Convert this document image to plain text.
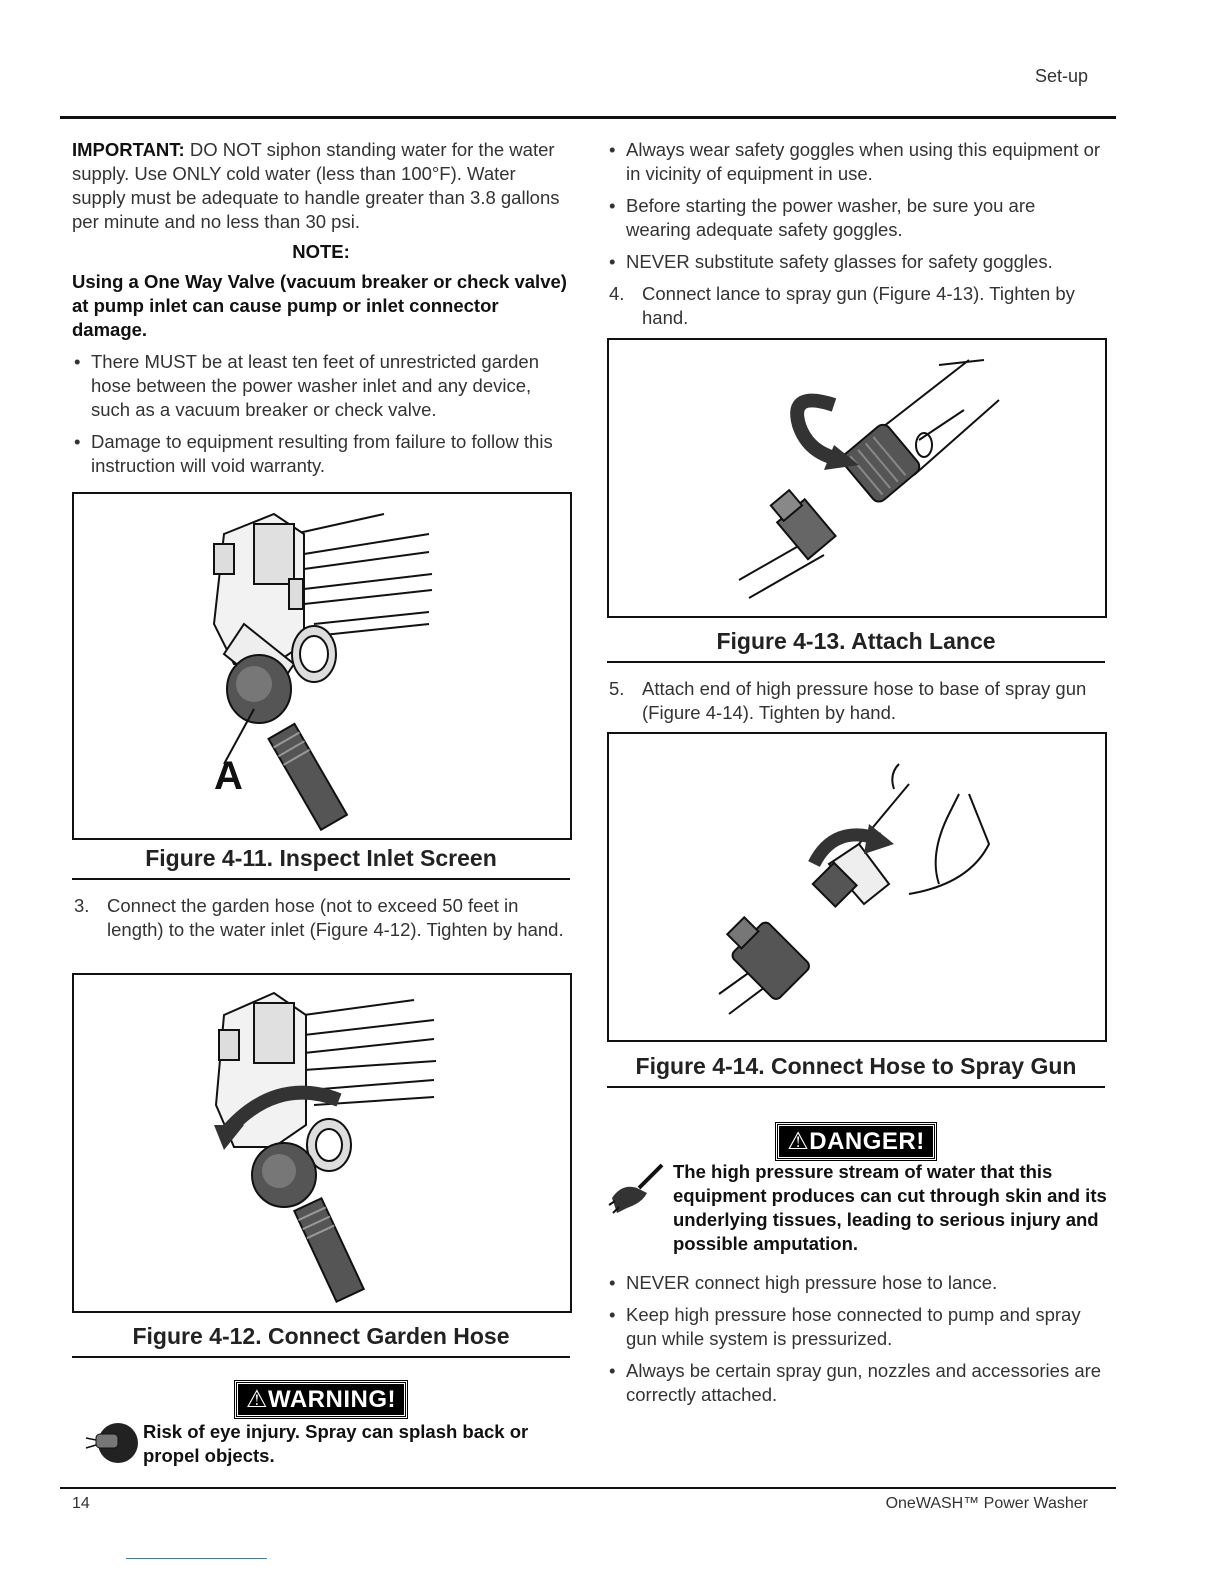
Set-up

IMPORTANT: DO NOT siphon standing water for the water supply. Use ONLY cold water (less than 100°F). Water supply must be adequate to handle greater than 3.8 gallons per minute and no less than 30 psi.

NOTE:

Using a One Way Valve (vacuum breaker or check valve) at pump inlet can cause pump or inlet connector damage.

• There MUST be at least ten feet of unrestricted garden hose between the power washer inlet and any device, such as a vacuum breaker or check valve.
• Damage to equipment resulting from failure to follow this instruction will void warranty.
A
Figure 4-11. Inspect Inlet Screen

3. Connect the garden hose (not to exceed 50 feet in length) to the water inlet (Figure 4-12). Tighten by hand.

Figure 4-12. Connect Garden Hose
⚠WARNING!
Risk of eye injury. Spray can splash back or propel objects.
• Always wear safety goggles when using this equipment or in vicinity of equipment in use.
• Before starting the power washer, be sure you are wearing adequate safety goggles.
• NEVER substitute safety glasses for safety goggles.

4. Connect lance to spray gun (Figure 4-13). Tighten by hand.

Figure 4-13. Attach Lance

5. Attach end of high pressure hose to base of spray gun (Figure 4-14). Tighten by hand.

Figure 4-14. Connect Hose to Spray Gun
⚠DANGER!
The high pressure stream of water that this equipment produces can cut through skin and its underlying tissues, leading to serious injury and possible amputation.
• NEVER connect high pressure hose to lance.
• Keep high pressure hose connected to pump and spray gun while system is pressurized.
• Always be certain spray gun, nozzles and accessories are correctly attached.
14	OneWASH™ Power Washer
